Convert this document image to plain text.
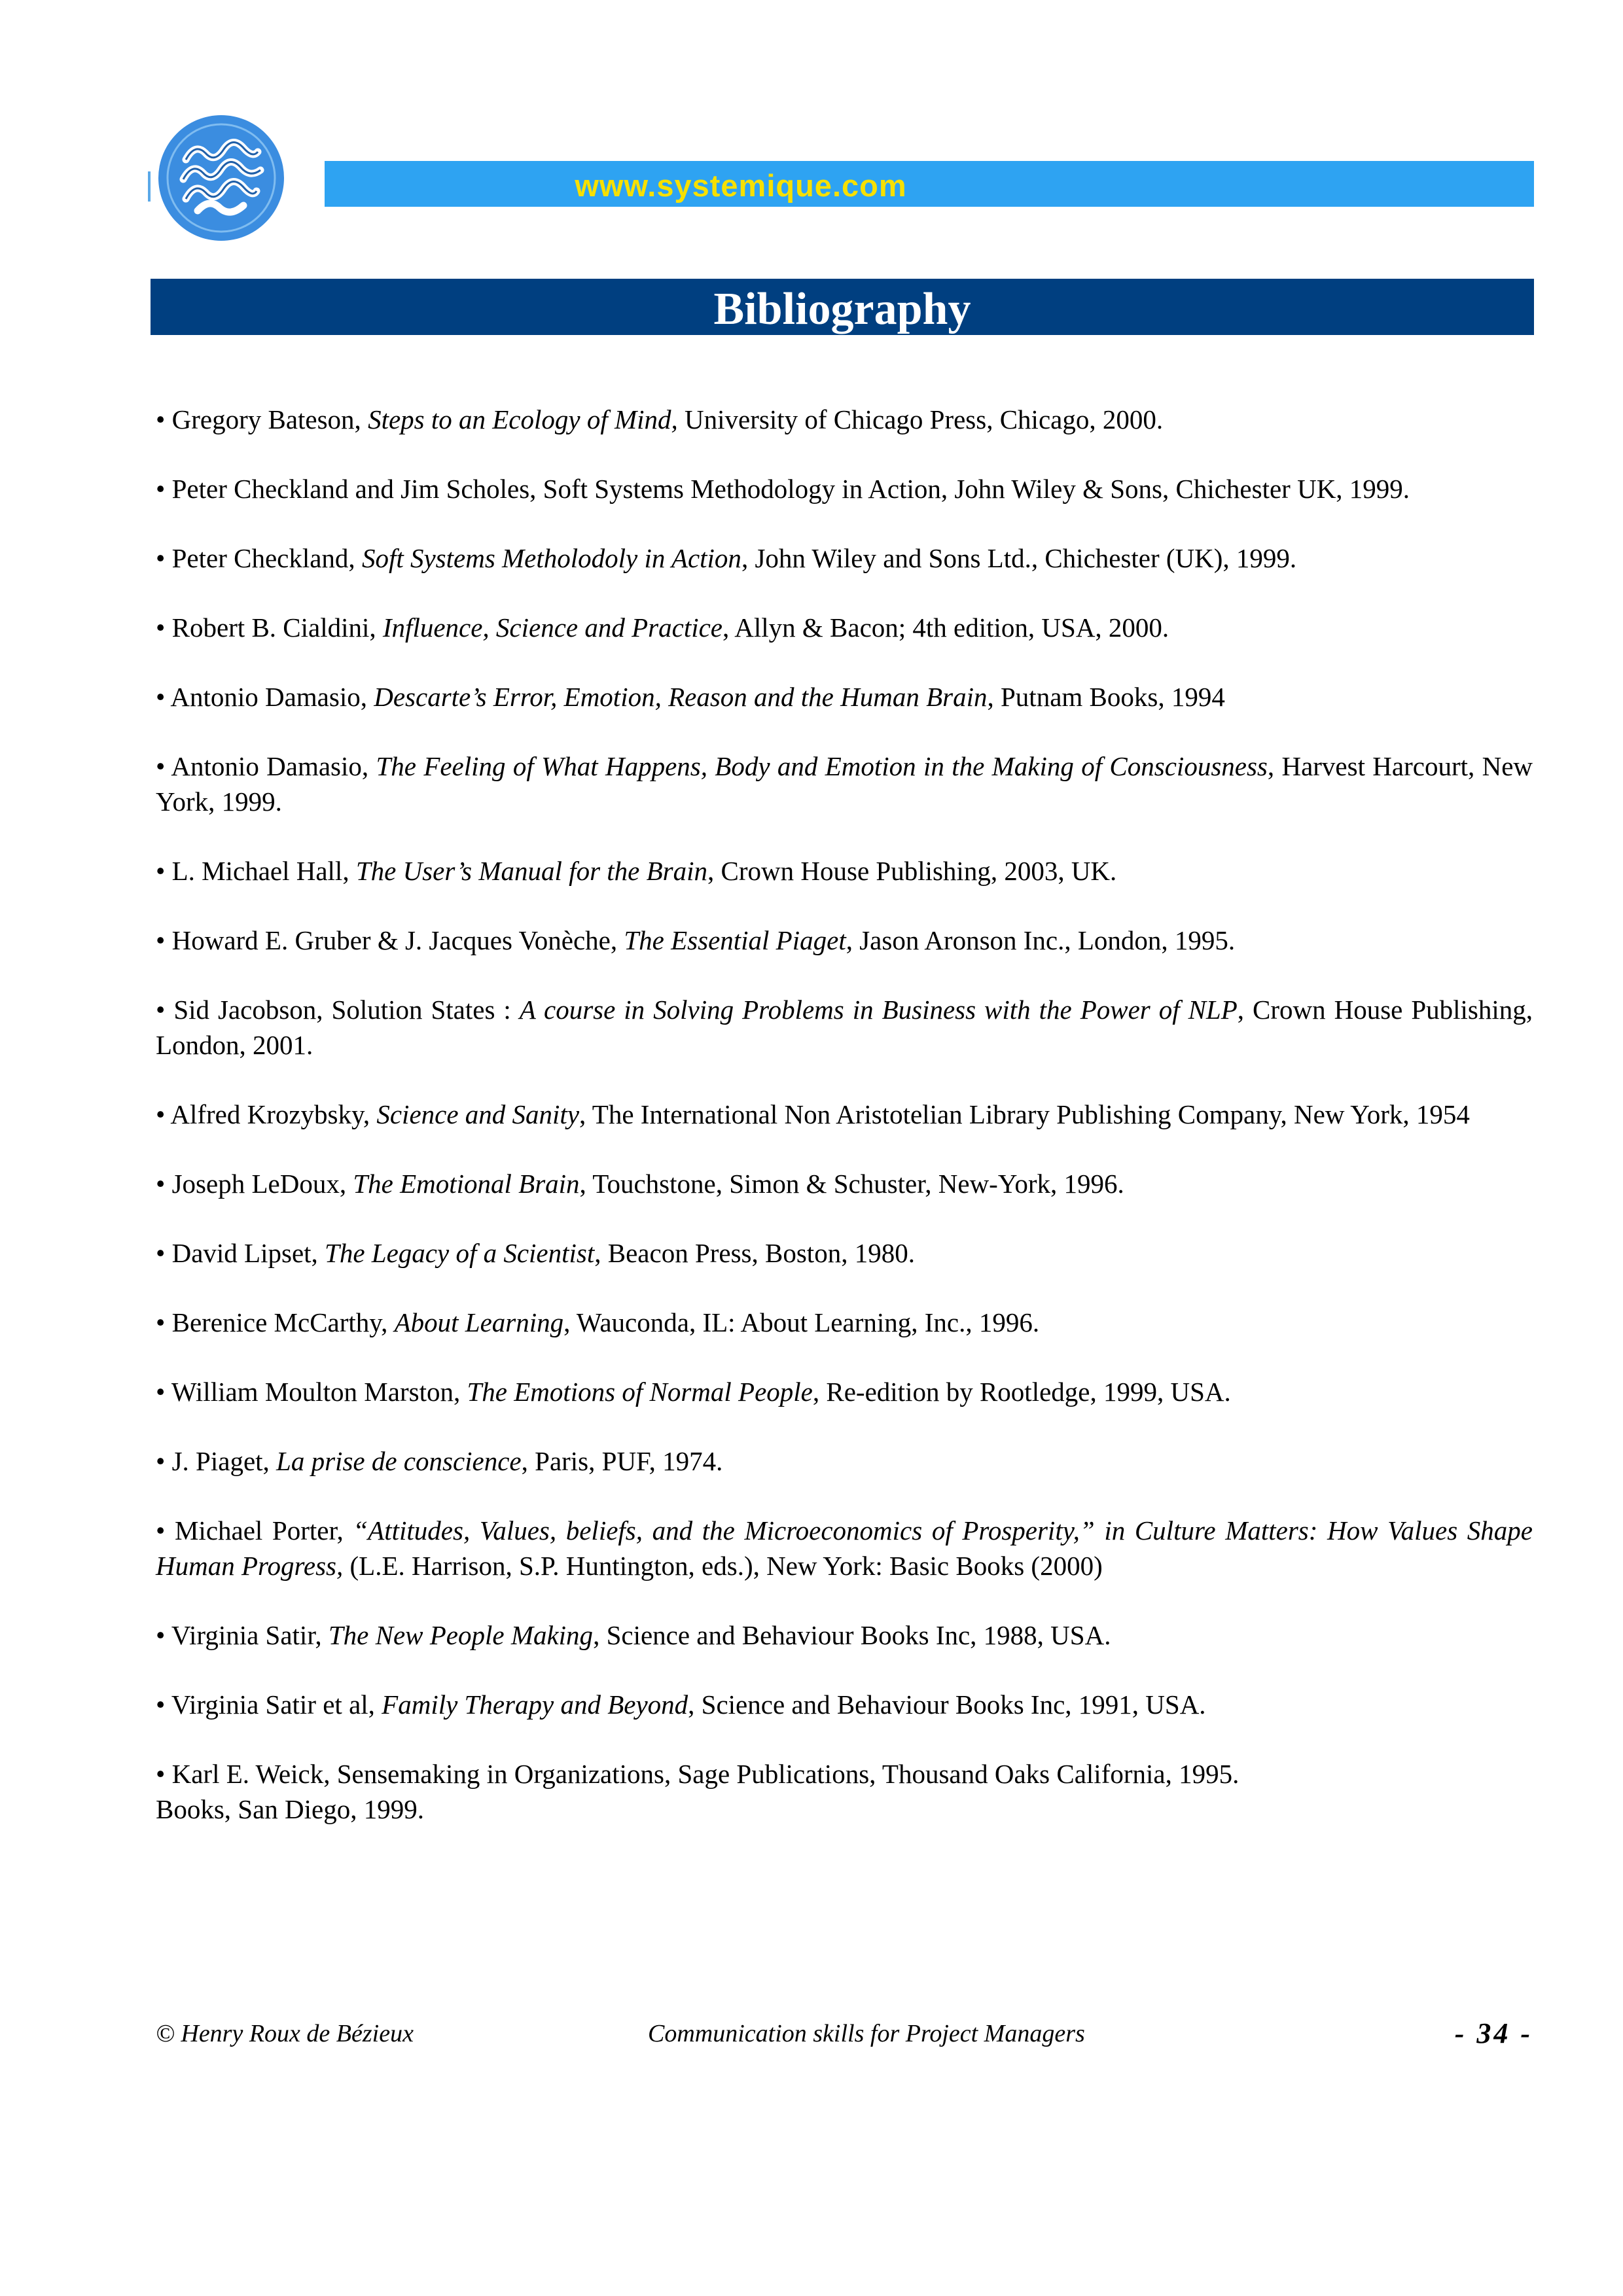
www.systemique.com
Bibliography
• Gregory Bateson, Steps to an Ecology of Mind, University of Chicago Press, Chicago, 2000.
• Peter Checkland and Jim Scholes, Soft Systems Methodology in Action, John Wiley & Sons, Chichester UK, 1999.
• Peter Checkland, Soft Systems Metholodoly in Action, John Wiley and Sons Ltd., Chichester (UK), 1999.
• Robert B. Cialdini, Influence, Science and Practice, Allyn & Bacon; 4th edition, USA, 2000.
• Antonio Damasio, Descarte’s Error, Emotion, Reason and the Human Brain, Putnam Books, 1994
• Antonio Damasio, The Feeling of What Happens, Body and Emotion in the Making of Consciousness, Harvest Harcourt, New York, 1999.
• L. Michael Hall, The User’s Manual for the Brain, Crown House Publishing, 2003, UK.
• Howard E. Gruber & J. Jacques Vonèche, The Essential Piaget, Jason Aronson Inc., London, 1995.
• Sid Jacobson, Solution States : A course in Solving Problems in Business with the Power of NLP, Crown House Publishing, London, 2001.
• Alfred Krozybsky, Science and Sanity, The International Non Aristotelian Library Publishing Company, New York, 1954
• Joseph LeDoux, The Emotional Brain, Touchstone, Simon & Schuster, New-York, 1996.
• David Lipset, The Legacy of a Scientist, Beacon Press, Boston, 1980.
• Berenice McCarthy, About Learning, Wauconda, IL: About Learning, Inc., 1996.
• William Moulton Marston, The Emotions of Normal People, Re-edition by Rootledge, 1999, USA.
• J. Piaget, La prise de conscience, Paris, PUF, 1974.
• Michael Porter, “Attitudes, Values, beliefs, and the Microeconomics of Prosperity,” in Culture Matters: How Values Shape Human Progress, (L.E. Harrison, S.P. Huntington, eds.), New York: Basic Books (2000)
• Virginia Satir, The New People Making, Science and Behaviour Books Inc, 1988, USA.
• Virginia Satir et al, Family Therapy and Beyond, Science and Behaviour Books Inc, 1991, USA.
• Karl E. Weick, Sensemaking in Organizations, Sage Publications, Thousand Oaks California, 1995.
Books, San Diego, 1999.
© Henry Roux de Bézieux	Communication skills for Project Managers	- 34 -
